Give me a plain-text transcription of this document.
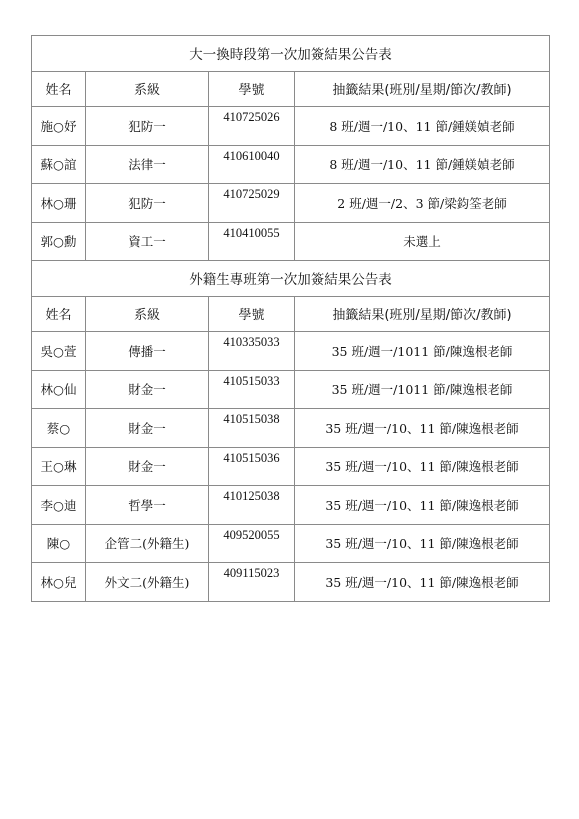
大一換時段第一次加簽結果公告表			
姓名	系級	學號	抽籤結果(班別/星期/節次/教師)
施○妤	犯防一	410725026	8 班/週一/10、11 節/鍾媄媜老師
蘇○誼	法律一	410610040	8 班/週一/10、11 節/鍾媄媜老師
林○珊	犯防一	410725029	2 班/週一/2、3 節/梁鈞筌老師
郭○勳	資工一	410410055	未選上
外籍生專班第一次加簽結果公告表			
姓名	系級	學號	抽籤結果(班別/星期/節次/教師)
吳○萱	傳播一	410335033	35 班/週一/1011 節/陳逸根老師
林○仙	財金一	410515033	35 班/週一/1011 節/陳逸根老師
蔡○	財金一	410515038	35 班/週一/10、11 節/陳逸根老師
王○琳	財金一	410515036	35 班/週一/10、11 節/陳逸根老師
李○迪	哲學一	410125038	35 班/週一/10、11 節/陳逸根老師
陳○	企管二(外籍生)	409520055	35 班/週一/10、11 節/陳逸根老師
林○兒	外文二(外籍生)	409115023	35 班/週一/10、11 節/陳逸根老師
